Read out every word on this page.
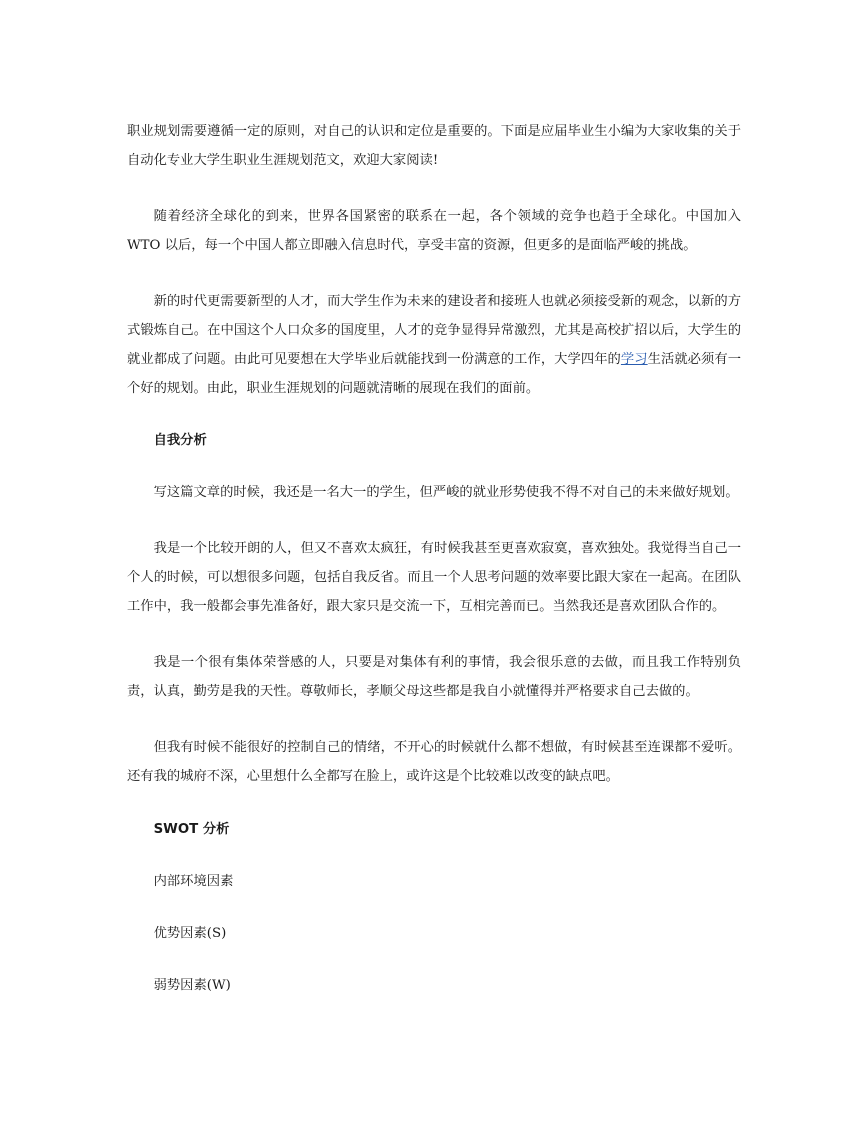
职业规划需要遵循一定的原则，对自己的认识和定位是重要的。下面是应届毕业生小编为大家收集的关于自动化专业大学生职业生涯规划范文，欢迎大家阅读!

随着经济全球化的到来，世界各国紧密的联系在一起，各个领域的竞争也趋于全球化。中国加入 WTO 以后，每一个中国人都立即融入信息时代，享受丰富的资源，但更多的是面临严峻的挑战。

新的时代更需要新型的人才，而大学生作为未来的建设者和接班人也就必须接受新的观念，以新的方式锻炼自己。在中国这个人口众多的国度里，人才的竞争显得异常激烈，尤其是高校扩招以后，大学生的就业都成了问题。由此可见要想在大学毕业后就能找到一份满意的工作，大学四年的学习生活就必须有一个好的规划。由此，职业生涯规划的问题就清晰的展现在我们的面前。

自我分析

写这篇文章的时候，我还是一名大一的学生，但严峻的就业形势使我不得不对自己的未来做好规划。

我是一个比较开朗的人，但又不喜欢太疯狂，有时候我甚至更喜欢寂寞，喜欢独处。我觉得当自己一个人的时候，可以想很多问题，包括自我反省。而且一个人思考问题的效率要比跟大家在一起高。在团队工作中，我一般都会事先准备好，跟大家只是交流一下，互相完善而已。当然我还是喜欢团队合作的。

我是一个很有集体荣誉感的人，只要是对集体有利的事情，我会很乐意的去做，而且我工作特别负责，认真，勤劳是我的天性。尊敬师长，孝顺父母这些都是我自小就懂得并严格要求自己去做的。

但我有时候不能很好的控制自己的情绪，不开心的时候就什么都不想做，有时候甚至连课都不爱听。还有我的城府不深，心里想什么全都写在脸上，或许这是个比较难以改变的缺点吧。

SWOT 分析

内部环境因素

优势因素(S)

弱势因素(W)
